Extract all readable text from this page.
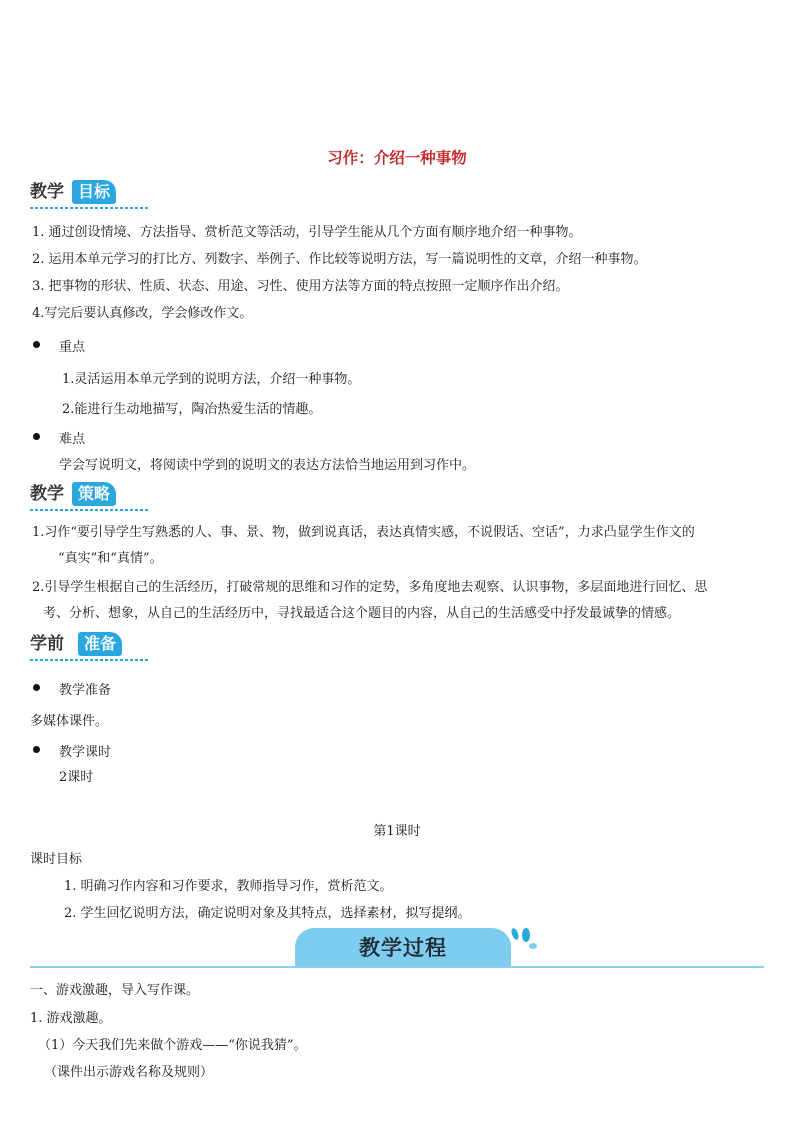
习作：介绍一种事物
教学 目标
1. 通过创设情境、方法指导、赏析范文等活动，引导学生能从几个方面有顺序地介绍一种事物。
2. 运用本单元学习的打比方、列数字、举例子、作比较等说明方法，写一篇说明性的文章，介绍一种事物。
3. 把事物的形状、性质、状态、用途、习性、使用方法等方面的特点按照一定顺序作出介绍。
4.写完后要认真修改，学会修改作文。
重点
1.灵活运用本单元学到的说明方法，介绍一种事物。
2.能进行生动地描写，陶冶热爱生活的情趣。
难点
学会写说明文，将阅读中学到的说明文的表达方法恰当地运用到习作中。
教学 策略
1.习作“要引导学生写熟悉的人、事、景、物，做到说真话，表达真情实感，不说假话、空话”，力求凸显学生作文的
“真实”和“真情”。
2.引导学生根据自己的生活经历，打破常规的思维和习作的定势，多角度地去观察、认识事物，多层面地进行回忆、思
考、分析、想象，从自己的生活经历中，寻找最适合这个题目的内容，从自己的生活感受中抒发最诚挚的情感。
学前	准备
教学准备
多媒体课件。
教学课时
2课时
第1课时
课时目标
1. 明确习作内容和习作要求，教师指导习作，赏析范文。
2. 学生回忆说明方法，确定说明对象及其特点，选择素材，拟写提纲。
教学过程
一、游戏激趣，导入写作课。
1. 游戏激趣。
（1）今天我们先来做个游戏——“你说我猜”。
（课件出示游戏名称及规则）
